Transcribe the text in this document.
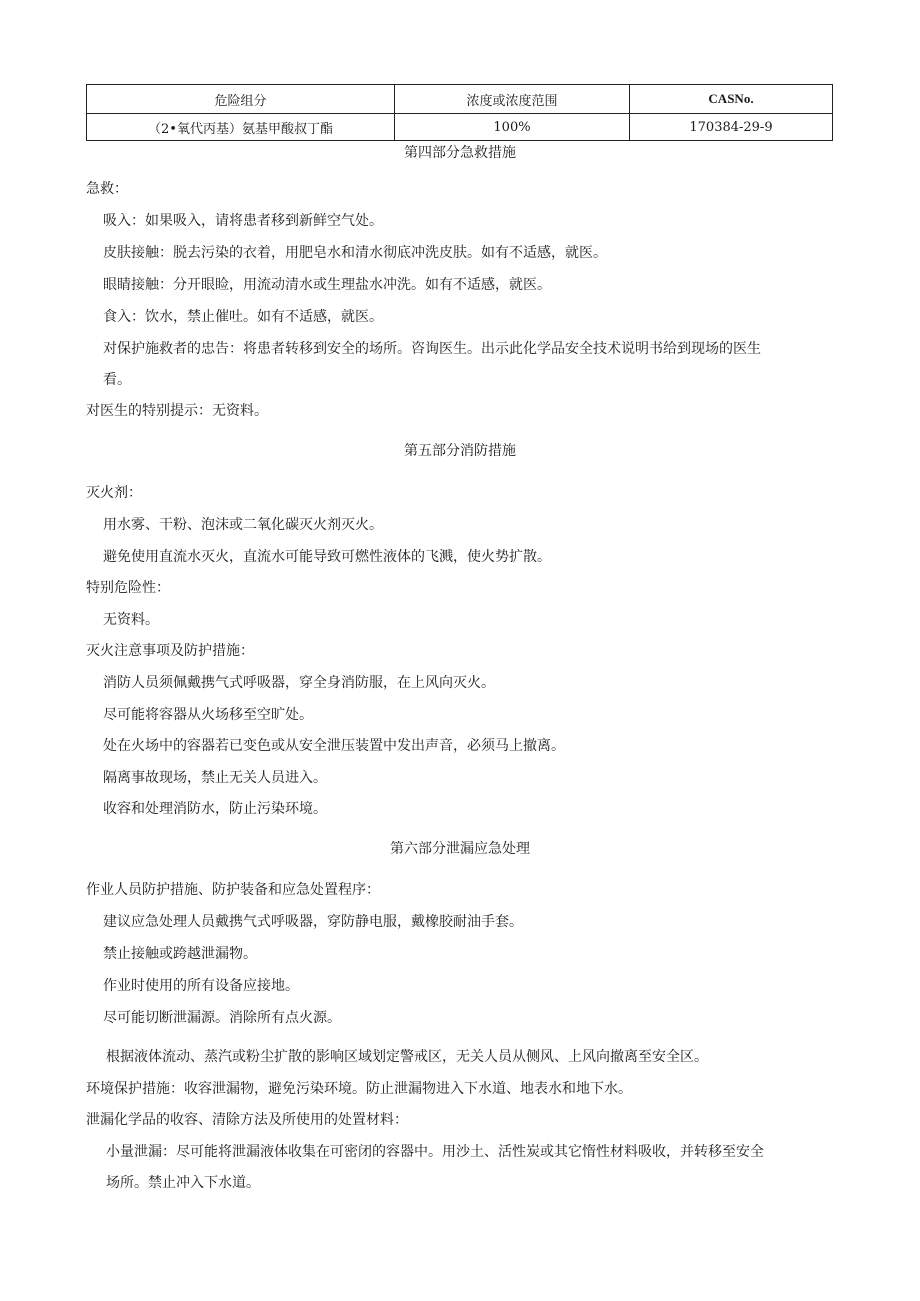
危险组分	浓度或浓度范围	CASNo.
（2•氧代丙基）氨基甲酸叔丁酯	100%	170384-29-9
第四部分急救措施
急救：
吸入：如果吸入，请将患者移到新鲜空气处。
皮肤接触：脱去污染的衣着，用肥皂水和清水彻底冲洗皮肤。如有不适感，就医。
眼睛接触：分开眼睑，用流动清水或生理盐水冲洗。如有不适感，就医。
食入：饮水，禁止催吐。如有不适感，就医。
对保护施救者的忠告：将患者转移到安全的场所。咨询医生。出示此化学品安全技术说明书给到现场的医生
看。
对医生的特别提示：无资料。
第五部分消防措施
灭火剂：
用水雾、干粉、泡沫或二氧化碳灭火剂灭火。
避免使用直流水灭火，直流水可能导致可燃性液体的飞溅，使火势扩散。
特别危险性：
无资料。
灭火注意事项及防护措施：
消防人员须佩戴携气式呼吸器，穿全身消防服，在上风向灭火。
尽可能将容器从火场移至空旷处。
处在火场中的容器若已变色或从安全泄压装置中发出声音，必须马上撤离。
隔离事故现场，禁止无关人员进入。
收容和处理消防水，防止污染环境。
第六部分泄漏应急处理
作业人员防护措施、防护装备和应急处置程序：
建议应急处理人员戴携气式呼吸器，穿防静电服，戴橡胶耐油手套。
禁止接触或跨越泄漏物。
作业时使用的所有设备应接地。
尽可能切断泄漏源。消除所有点火源。
根据液体流动、蒸汽或粉尘扩散的影响区域划定警戒区，无关人员从侧风、上风向撤离至安全区。
环境保护措施：收容泄漏物，避免污染环境。防止泄漏物进入下水道、地表水和地下水。
泄漏化学品的收容、清除方法及所使用的处置材料：
小量泄漏：尽可能将泄漏液体收集在可密闭的容器中。用沙土、活性炭或其它惰性材料吸收，并转移至安全
场所。禁止冲入下水道。
